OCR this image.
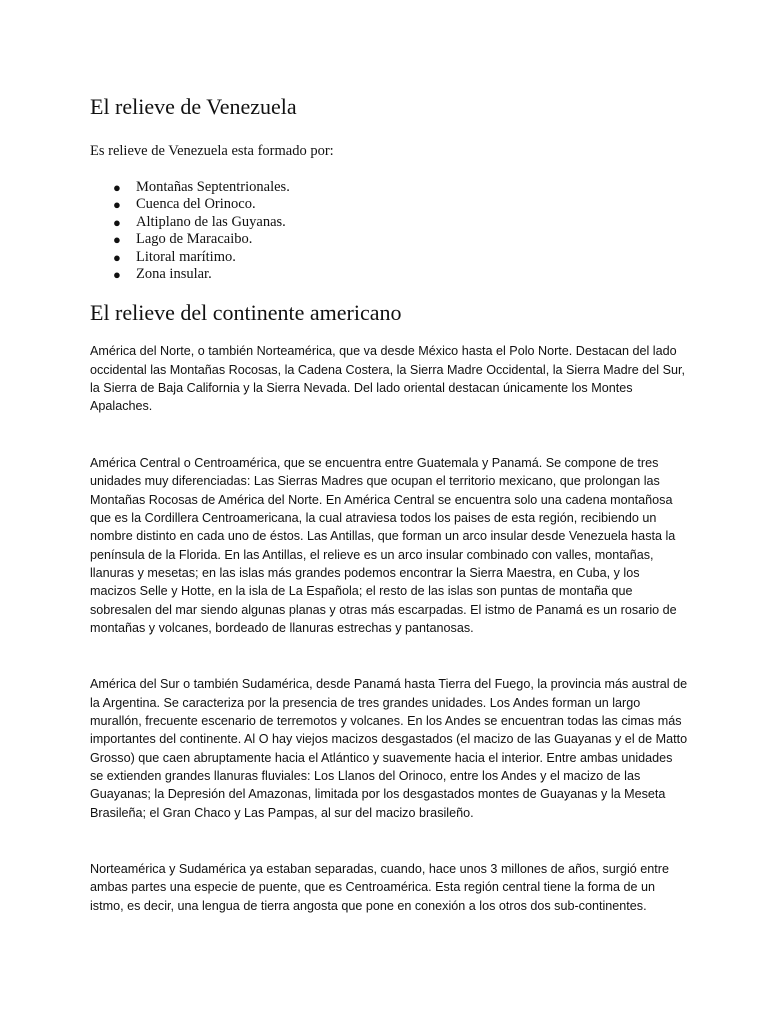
El relieve de Venezuela

Es relieve de Venezuela esta formado por:

● Montañas Septentrionales.
● Cuenca del Orinoco.
● Altiplano de las Guyanas.
● Lago de Maracaibo.
● Litoral marítimo.
● Zona insular.
El relieve del continente americano

América del Norte, o también Norteamérica, que va desde México hasta el Polo Norte. Destacan del lado occidental las Montañas Rocosas, la Cadena Costera, la Sierra Madre Occidental, la Sierra Madre del Sur, la Sierra de Baja California y la Sierra Nevada. Del lado oriental destacan únicamente los Montes Apalaches.

América Central o Centroamérica, que se encuentra entre Guatemala y Panamá. Se compone de tres unidades muy diferenciadas: Las Sierras Madres que ocupan el territorio mexicano, que prolongan las Montañas Rocosas de América del Norte. En América Central se encuentra solo una cadena montañosa que es la Cordillera Centroamericana, la cual atraviesa todos los paises de esta región, recibiendo un nombre distinto en cada uno de éstos. Las Antillas, que forman un arco insular desde Venezuela hasta la península de la Florida. En las Antillas, el relieve es un arco insular combinado con valles, montañas, llanuras y mesetas; en las islas más grandes podemos encontrar la Sierra Maestra, en Cuba, y los macizos Selle y Hotte, en la isla de La Española; el resto de las islas son puntas de montaña que sobresalen del mar siendo algunas planas y otras más escarpadas. El istmo de Panamá es un rosario de montañas y volcanes, bordeado de llanuras estrechas y pantanosas.

América del Sur o también Sudamérica, desde Panamá hasta Tierra del Fuego, la provincia más austral de la Argentina. Se caracteriza por la presencia de tres grandes unidades. Los Andes forman un largo murallón, frecuente escenario de terremotos y volcanes. En los Andes se encuentran todas las cimas más importantes del continente. Al O hay viejos macizos desgastados (el macizo de las Guayanas y el de Matto Grosso) que caen abruptamente hacia el Atlántico y suavemente hacia el interior. Entre ambas unidades se extienden grandes llanuras fluviales: Los Llanos del Orinoco, entre los Andes y el macizo de las Guayanas; la Depresión del Amazonas, limitada por los desgastados montes de Guayanas y la Meseta Brasileña; el Gran Chaco y Las Pampas, al sur del macizo brasileño.

Norteamérica y Sudamérica ya estaban separadas, cuando, hace unos 3 millones de años, surgió entre ambas partes una especie de puente, que es Centroamérica. Esta región central tiene la forma de un istmo, es decir, una lengua de tierra angosta que pone en conexión a los otros dos sub-continentes.
